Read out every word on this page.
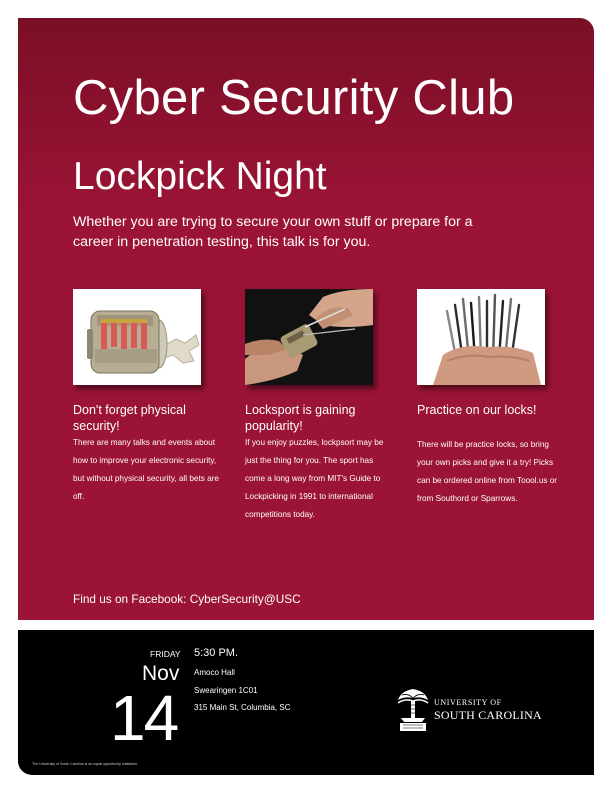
Cyber Security Club
Lockpick Night

Whether you are trying to secure your own stuff or prepare for a career in penetration testing, this talk is for you.

Don't forget physical security!

There are many talks and events about how to improve your electronic security, but without physical security, all bets are off.

Locksport is gaining popularity!

If you enjoy puzzles, lockpsort may be just the thing for you. The sport has come a long way from MIT's Guide to Lockpicking in 1991 to international competitions today.

Practice on our locks!

There will be practice locks, so bring your own picks and give it a try! Picks can be ordered online from Toool.us or from Southord or Sparrows.

Find us on Facebook: CyberSecurity@USC

FRIDAY 5:30 PM.
Nov
14
Amoco Hall
Swearingen 1C01
315 Main St, Columbia, SC
UNIVERSITY OF
SOUTH CAROLINA
The University of South Carolina is an equal opportunity institution.
